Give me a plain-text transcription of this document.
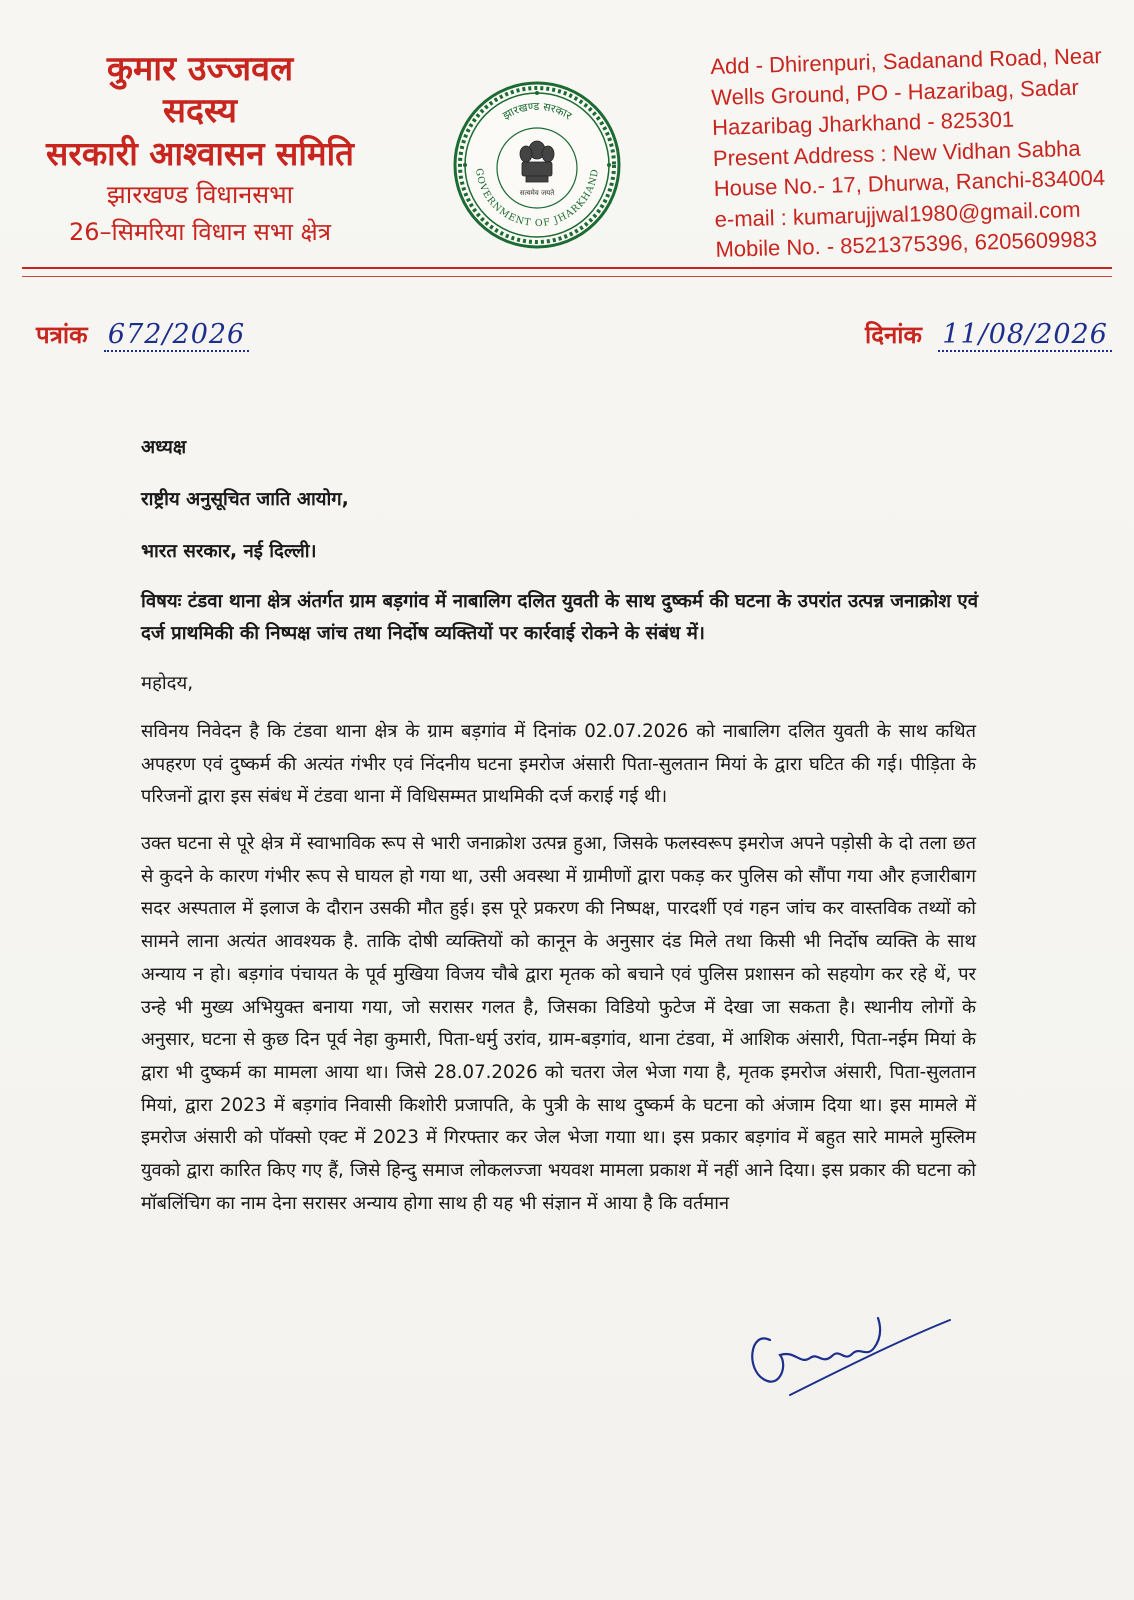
कुमार उज्जवल
सदस्य
सरकारी आश्वासन समिति
झारखण्ड विधानसभा
26–सिमरिया विधान सभा क्षेत्र
झारखण्ड सरकार
GOVERNMENT OF JHARKHAND
सत्यमेव जयते
Add - Dhirenpuri, Sadanand Road, Near
Wells Ground, PO - Hazaribag, Sadar
Hazaribag Jharkhand - 825301
Present Address : New Vidhan Sabha
House No.- 17, Dhurwa, Ranchi-834004
e-mail : kumarujjwal1980@gmail.com
Mobile No. - 8521375396, 6205609983
पत्रांक 672/2026	दिनांक 11/08/2026
अध्यक्ष
राष्ट्रीय अनुसूचित जाति आयोग,
भारत सरकार, नई दिल्ली।
विषयः टंडवा थाना क्षेत्र अंतर्गत ग्राम बड़गांव में नाबालिग दलित युवती के साथ दुष्कर्म की घटना के उपरांत उत्पन्न जनाक्रोश एवं दर्ज प्राथमिकी की निष्पक्ष जांच तथा निर्दोष व्यक्तियों पर कार्रवाई रोकने के संबंध में।
महोदय,
सविनय निवेदन है कि टंडवा थाना क्षेत्र के ग्राम बड़गांव में दिनांक 02.07.2026 को नाबालिग दलित युवती के साथ कथित अपहरण एवं दुष्कर्म की अत्यंत गंभीर एवं निंदनीय घटना इमरोज अंसारी पिता-सुलतान मियां के द्वारा घटित की गई। पीड़िता के परिजनों द्वारा इस संबंध में टंडवा थाना में विधिसम्मत प्राथमिकी दर्ज कराई गई थी।
उक्त घटना से पूरे क्षेत्र में स्वाभाविक रूप से भारी जनाक्रोश उत्पन्न हुआ, जिसके फलस्वरूप इमरोज अपने पड़ोसी के दो तला छत से कुदने के कारण गंभीर रूप से घायल हो गया था, उसी अवस्था में ग्रामीणों द्वारा पकड़ कर पुलिस को सौंपा गया और हजारीबाग सदर अस्पताल में इलाज के दौरान उसकी मौत हुई। इस पूरे प्रकरण की निष्पक्ष, पारदर्शी एवं गहन जांच कर वास्तविक तथ्यों को सामने लाना अत्यंत आवश्यक है. ताकि दोषी व्यक्तियों को कानून के अनुसार दंड मिले तथा किसी भी निर्दोष व्यक्ति के साथ अन्याय न हो। बड़गांव पंचायत के पूर्व मुखिया विजय चौबे द्वारा मृतक को बचाने एवं पुलिस प्रशासन को सहयोग कर रहे थें, पर उन्हे भी मुख्य अभियुक्त बनाया गया, जो सरासर गलत है, जिसका विडियो फुटेज में देखा जा सकता है। स्थानीय लोगों के अनुसार, घटना से कुछ दिन पूर्व नेहा कुमारी, पिता-धर्मु उरांव, ग्राम-बड़गांव, थाना टंडवा, में आशिक अंसारी, पिता-नईम मियां के द्वारा भी दुष्कर्म का मामला आया था। जिसे 28.07.2026 को चतरा जेल भेजा गया है, मृतक इमरोज अंसारी, पिता-सुलतान मियां, द्वारा 2023 में बड़गांव निवासी किशोरी प्रजापति, के पुत्री के साथ दुष्कर्म के घटना को अंजाम दिया था। इस मामले में इमरोज अंसारी को पॉक्सो एक्ट में 2023 में गिरफ्तार कर जेल भेजा गयाा था। इस प्रकार बड़गांव में बहुत सारे मामले मुस्लिम युवको द्वारा कारित किए गए हैं, जिसे हिन्दु समाज लोकलज्जा भयवश मामला प्रकाश में नहीं आने दिया। इस प्रकार की घटना को मॉबलिंचिग का नाम देना सरासर अन्याय होगा साथ ही यह भी संज्ञान में आया है कि वर्तमान
